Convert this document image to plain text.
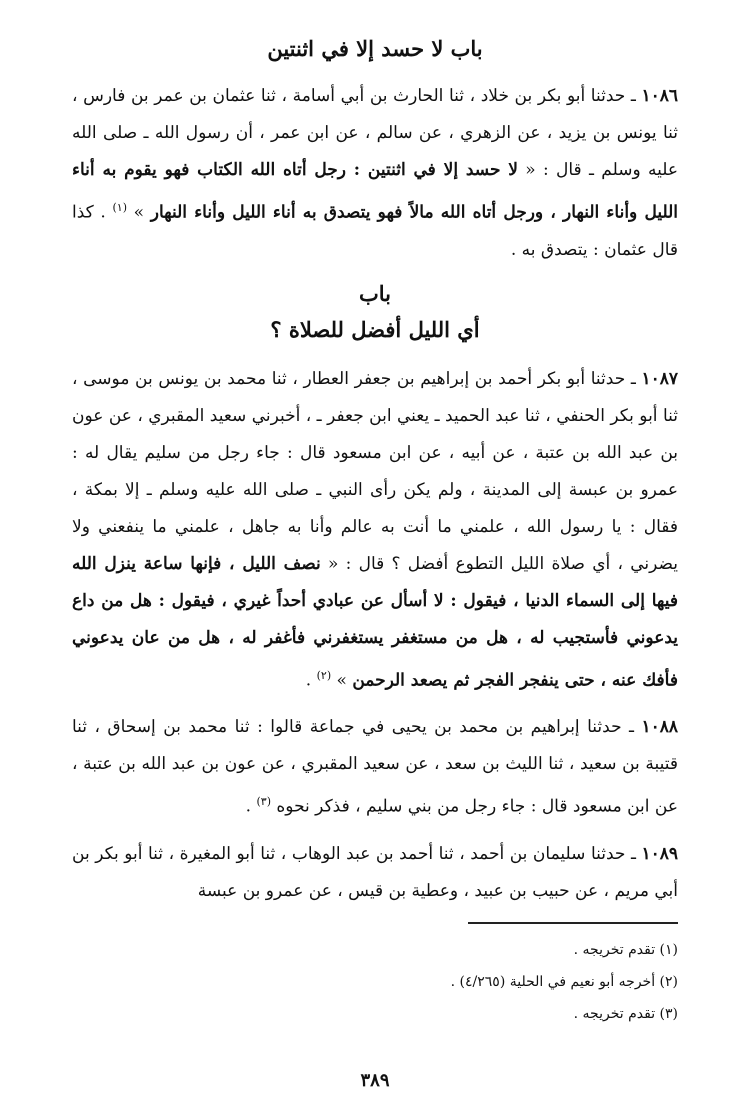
باب لا حسد إلا في اثنتين

١٠٨٦ ـ حدثنا أبو بكر بن خلاد ، ثنا الحارث بن أبي أسامة ، ثنا عثمان بن عمر بن فارس ، ثنا يونس بن يزيد ، عن الزهري ، عن سالم ، عن ابن عمر ، أن رسول الله ـ صلى الله عليه وسلم ـ قال : « لا حسد إلا في اثنتين : رجل أتاه الله الكتاب فهو يقوم به أناء الليل وأناء النهار ، ورجل أتاه الله مالاً فهو يتصدق به أناء الليل وأناء النهار » $^{(١)}$ . كذا قال عثمان : يتصدق به .

باب
أي الليل أفضل للصلاة ؟

١٠٨٧ ـ حدثنا أبو بكر أحمد بن إبراهيم بن جعفر العطار ، ثنا محمد بن يونس بن موسى ، ثنا أبو بكر الحنفي ، ثنا عبد الحميد ـ يعني ابن جعفر ـ ، أخبرني سعيد المقبري ، عن عون بن عبد الله بن عتبة ، عن أبيه ، عن ابن مسعود قال : جاء رجل من سليم يقال له : عمرو بن عبسة إلى المدينة ، ولم يكن رأى النبي ـ صلى الله عليه وسلم ـ إلا بمكة ، فقال : يا رسول الله ، علمني ما أنت به عالم وأنا به جاهل ، علمني ما ينفعني ولا يضرني ، أي صلاة الليل التطوع أفضل ؟ قال : « نصف الليل ، فإنها ساعة ينزل الله فيها إلى السماء الدنيا ، فيقول : لا أسأل عن عبادي أحداً غيري ، فيقول : هل من داع يدعوني فأستجيب له ، هل من مستغفر يستغفرني فأغفر له ، هل من عان يدعوني فأفك عنه ، حتى ينفجر الفجر ثم يصعد الرحمن » $^{(٢)}$ .

١٠٨٨ ـ حدثنا إبراهيم بن محمد بن يحيى في جماعة قالوا : ثنا محمد بن إسحاق ، ثنا قتيبة بن سعيد ، ثنا الليث بن سعد ، عن سعيد المقبري ، عن عون بن عبد الله بن عتبة ، عن ابن مسعود قال : جاء رجل من بني سليم ، فذكر نحوه $^{(٣)}$ .

١٠٨٩ ـ حدثنا سليمان بن أحمد ، ثنا أحمد بن عبد الوهاب ، ثنا أبو المغيرة ، ثنا أبو بكر بن أبي مريم ، عن حبيب بن عبيد ، وعطية بن قيس ، عن عمرو بن عبسة

(١) تقدم تخريجه .

(٢) أخرجه أبو نعيم في الحلية (٤/٢٦٥) .

(٣) تقدم تخريجه .

٣٨٩
